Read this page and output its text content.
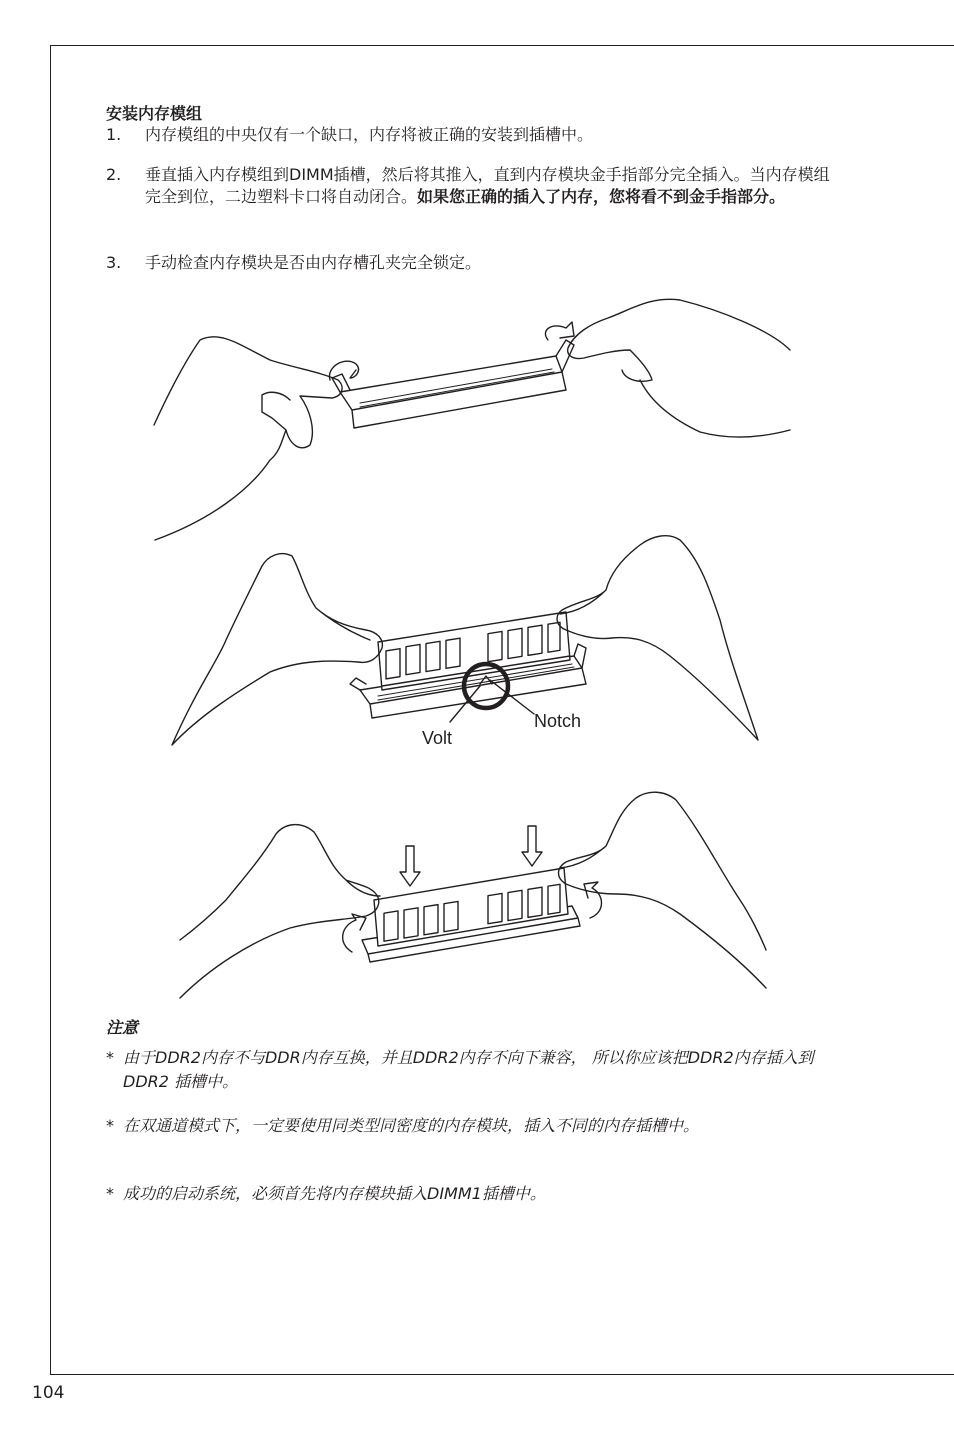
安装内存模组
1.	内存模组的中央仅有一个缺口，内存将被正确的安装到插槽中。
2.	垂直插入内存模组到DIMM插槽，然后将其推入，直到内存模块金手指部分完全插入。当内存模组完全到位，二边塑料卡口将自动闭合。如果您正确的插入了内存，您将看不到金手指部分。
3.	手动检查内存模块是否由内存槽孔夹完全锁定。
Volt
Notch
注意
* 由于DDR2内存不与DDR内存互换，并且DDR2内存不向下兼容， 所以你应该把DDR2内存插入到 DDR2 插槽中。
* 在双通道模式下，一定要使用同类型同密度的内存模块，插入不同的内存插槽中。
* 成功的启动系统，必须首先将内存模块插入DIMM1插槽中。
104
